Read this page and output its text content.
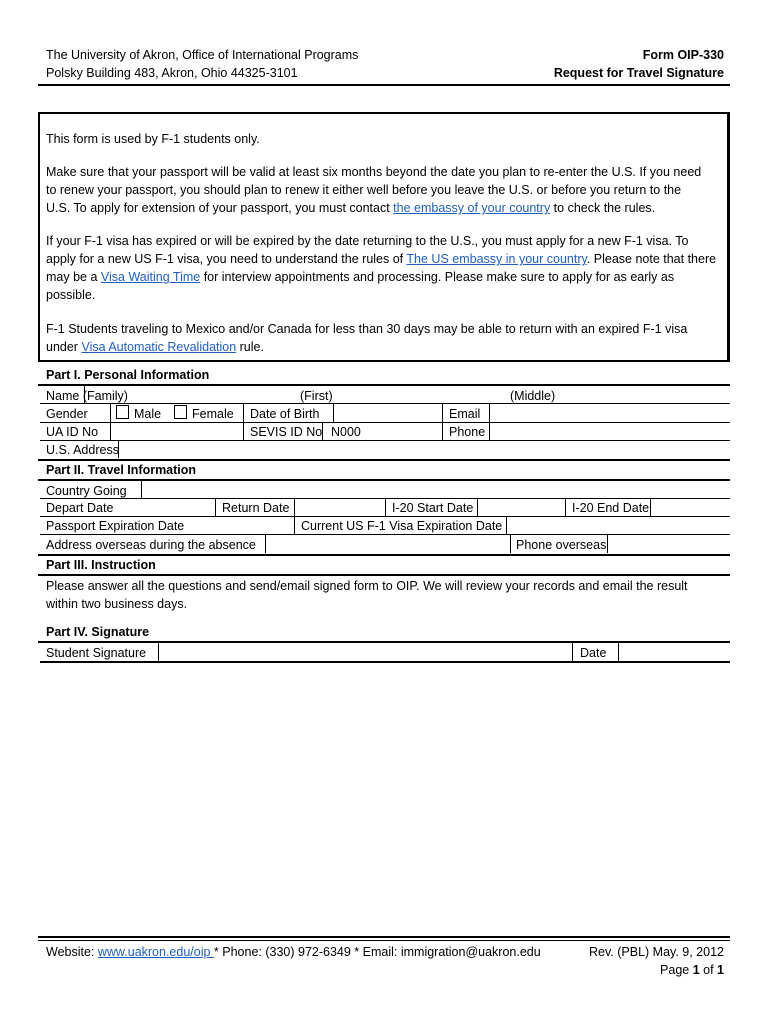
The University of Akron, Office of International Programs
Polsky Building 483, Akron, Ohio 44325-3101
Form OIP-330
Request for Travel Signature
This form is used by F-1 students only.
Make sure that your passport will be valid at least six months beyond the date you plan to re-enter the U.S. If you need
to renew your passport, you should plan to renew it either well before you leave the U.S. or before you return to the
U.S. To apply for extension of your passport, you must contact the embassy of your country to check the rules.
If your F-1 visa has expired or will be expired by the date returning to the U.S., you must apply for a new F-1 visa. To
apply for a new US F-1 visa, you need to understand the rules of The US embassy in your country. Please note that there
may be a Visa Waiting Time for interview appointments and processing. Please make sure to apply for as early as
possible.
F-1 Students traveling to Mexico and/or Canada for less than 30 days may be able to return with an expired F-1 visa
under Visa Automatic Revalidation rule.
Part I. Personal Information
Name (Family)	(First)	(Middle)
Gender	Male Female Date of Birth	Email
UA ID No	SEVIS ID No N000	Phone
U.S. Address
Part II. Travel Information
Country Going
Depart Date	Return Date	I-20 Start Date	I-20 End Date
Passport Expiration Date	Current US F-1 Visa Expiration Date
Address overseas during the absence	Phone overseas
Part III. Instruction
Please answer all the questions and send/email signed form to OIP. We will review your records and email the result
within two business days.
Part IV. Signature
Student Signature	Date
Website: www.uakron.edu/oip * Phone: (330) 972-6349 * Email: immigration@uakron.edu	Rev. (PBL) May. 9, 2012
Page 1 of 1
